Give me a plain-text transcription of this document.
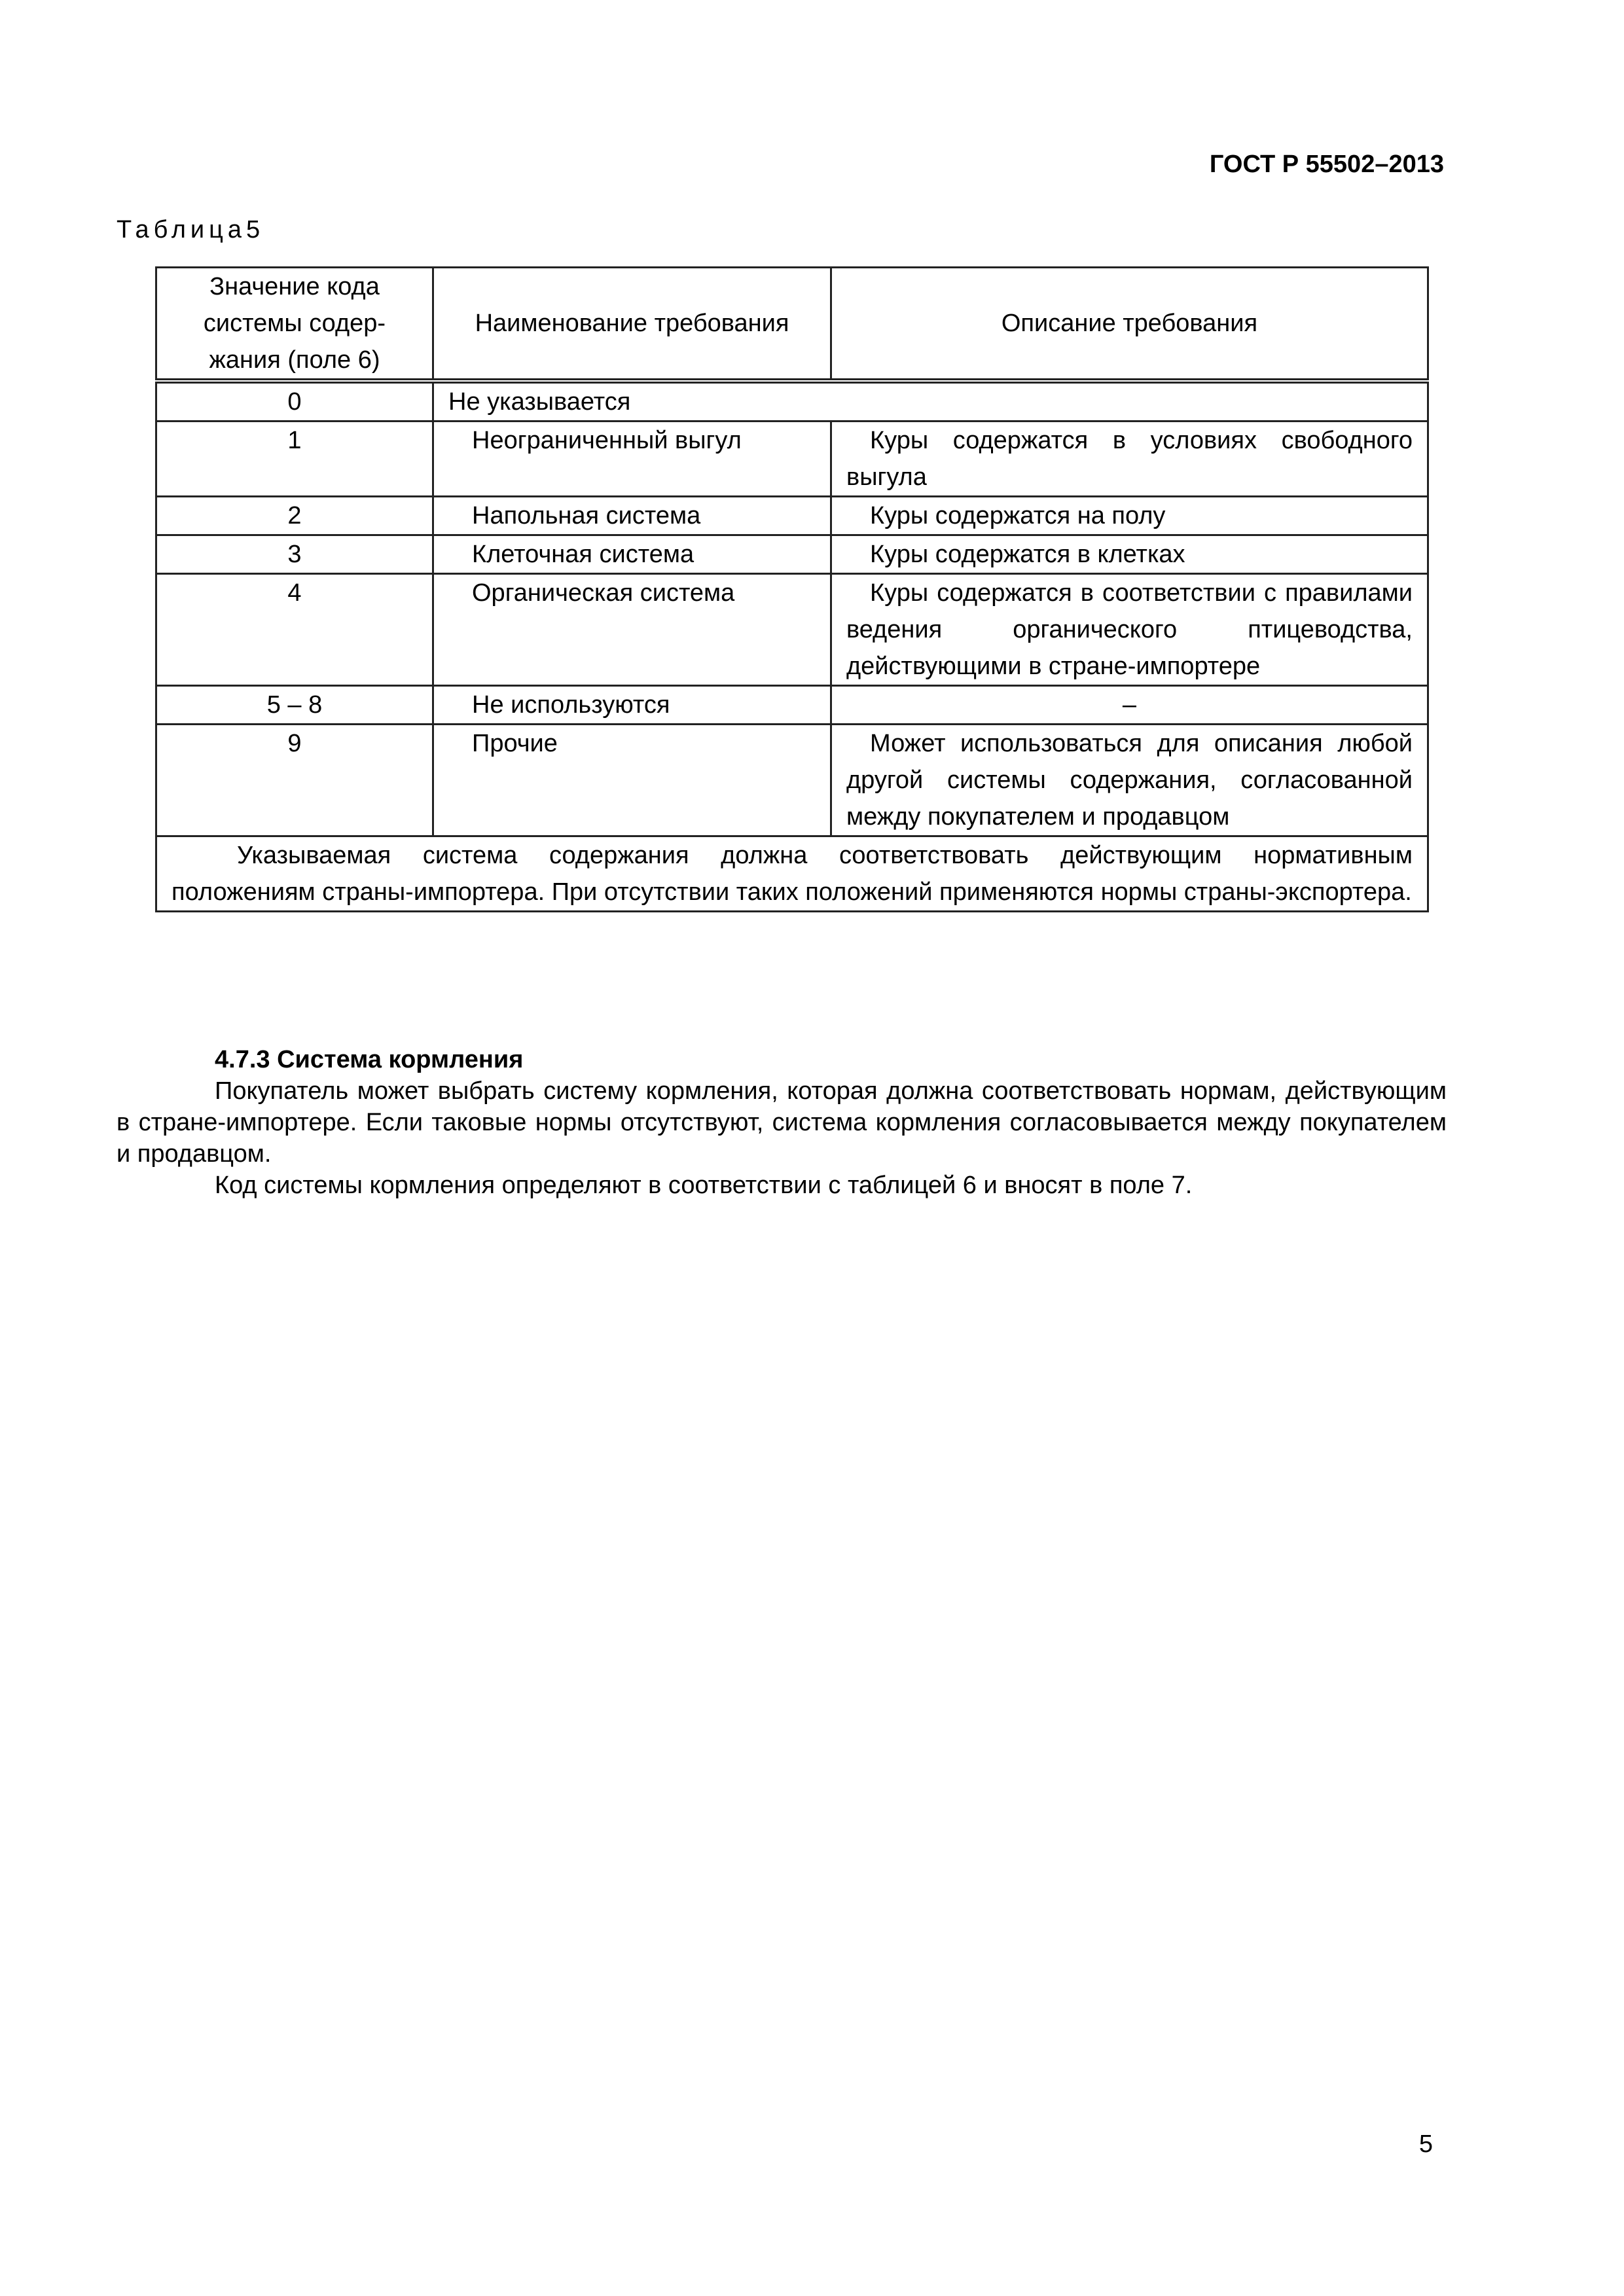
ГОСТ Р 55502–2013
Таблица5
Значение кода системы содер-жания (поле 6)	Наименование требования	Описание требования
0	Не указывается	
1	Неограниченный выгул	Куры содержатся в условиях свободного выгула
2	Напольная система	Куры содержатся на полу
3	Клеточная система	Куры содержатся в клетках
4	Органическая система	Куры содержатся в соответствии с правилами ведения органического птицеводства, действующими в стране-импортере
5 – 8	Не используются	–
9	Прочие	Может использоваться для описания любой другой системы содержания, согласованной между покупателем и продавцом
Указываемая система содержания должна соответствовать действующим нормативным положениям страны-импортера. При отсутствии таких положений применяются нормы страны-экспортера.		
4.7.3 Система кормления

Покупатель может выбрать систему кормления, которая должна соответствовать нормам, действующим в стране-импортере. Если таковые нормы отсутствуют, система кормления согласовывается между покупателем и продавцом.

Код системы кормления определяют в соответствии с таблицей 6 и вносят в поле 7.

5
